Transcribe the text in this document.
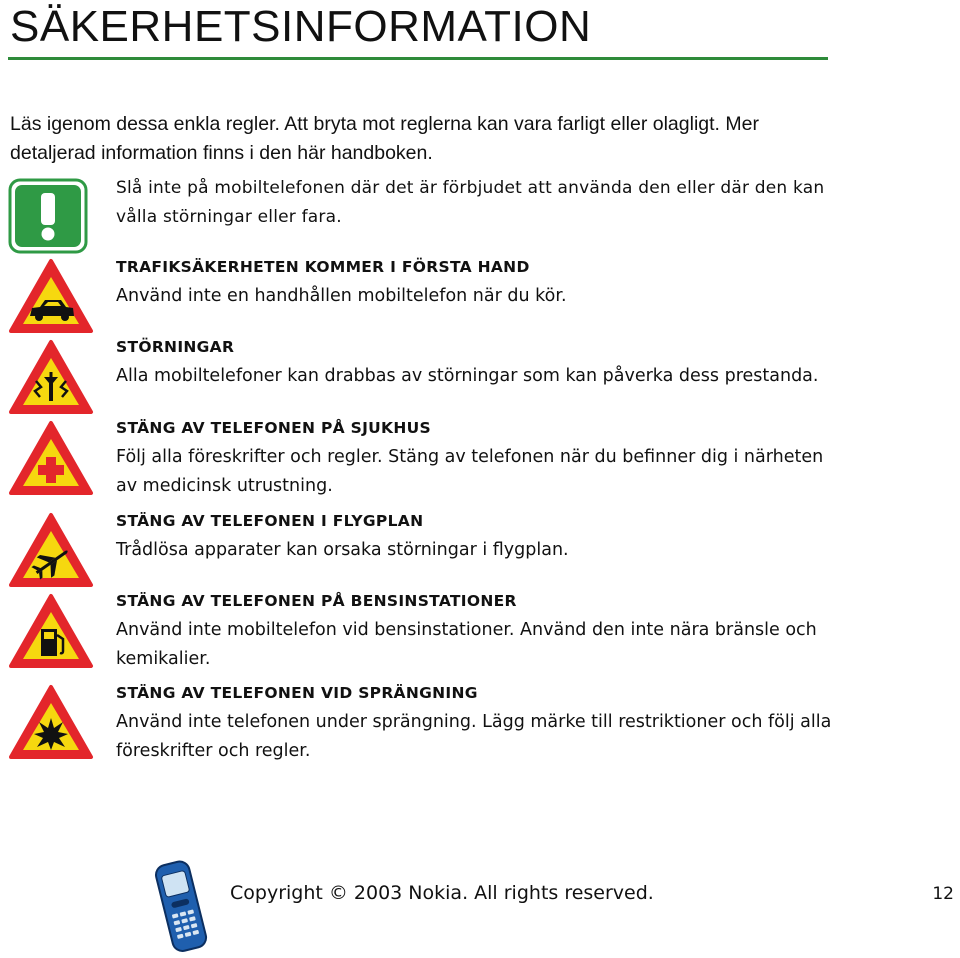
SÄKERHETSINFORMATION

Läs igenom dessa enkla regler. Att bryta mot reglerna kan vara farligt eller olagligt. Mer detaljerad information finns i den här handboken.

Slå inte på mobiltelefonen där det är förbjudet att använda den eller där den kan vålla störningar eller fara.
TRAFIKSÄKERHETEN KOMMER I FÖRSTA HAND
Använd inte en handhållen mobiltelefon när du kör.
STÖRNINGAR
Alla mobiltelefoner kan drabbas av störningar som kan påverka dess prestanda.
STÄNG AV TELEFONEN PÅ SJUKHUS
Följ alla föreskrifter och regler. Stäng av telefonen när du befinner dig i närheten av medicinsk utrustning.
STÄNG AV TELEFONEN I FLYGPLAN
Trådlösa apparater kan orsaka störningar i flygplan.
STÄNG AV TELEFONEN PÅ BENSINSTATIONER
Använd inte mobiltelefon vid bensinstationer. Använd den inte nära bränsle och kemikalier.
STÄNG AV TELEFONEN VID SPRÄNGNING
Använd inte telefonen under sprängning. Lägg märke till restriktioner och följ alla föreskrifter och regler.
Copyright © 2003 Nokia. All rights reserved.	12
